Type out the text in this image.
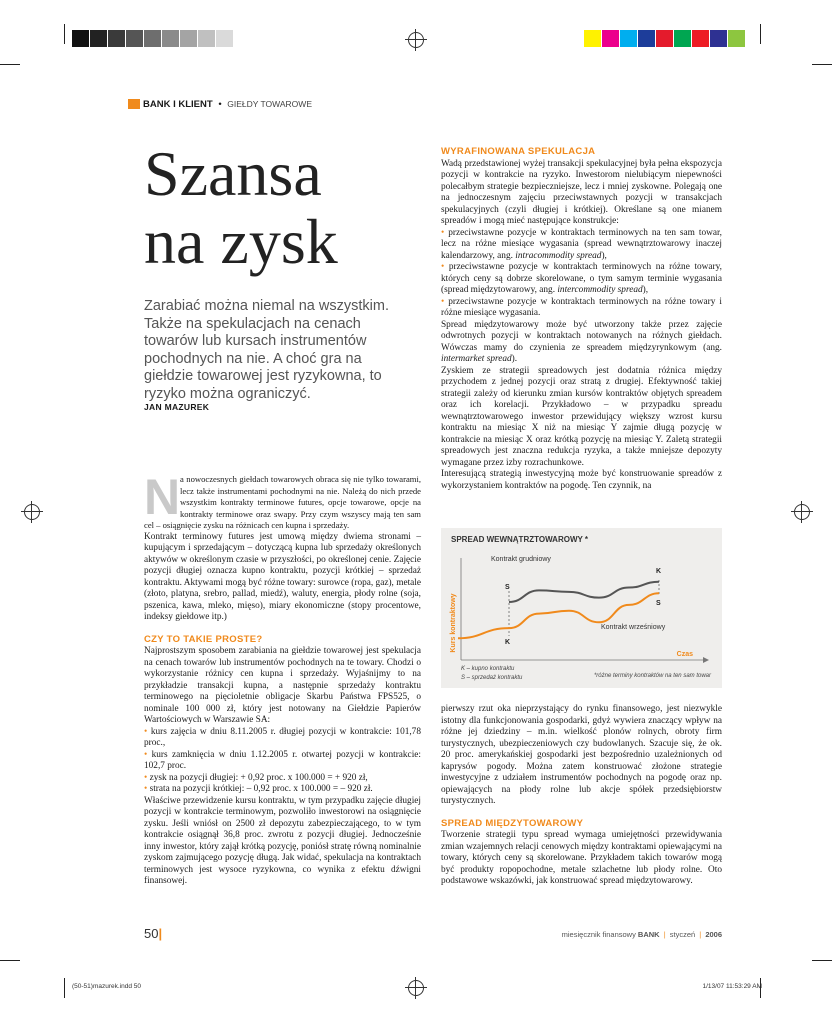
BANK I KLIENT • GIEŁDY TOWAROWE
Szansa
na zysk
Zarabiać można niemal na wszystkim. Także na spekulacjach na cenach towarów lub kursach instrumentów pochodnych na nie. A choć gra na giełdzie towarowej jest ryzykowna, to ryzyko można ograniczyć.
JAN MAZUREK
N a nowoczesnych giełdach towarowych obraca się nie tylko towarami, lecz także instrumentami pochodnymi na nie. Należą do nich przede wszystkim kontrakty terminowe futures, opcje towarowe, opcje na kontrakty terminowe oraz swapy. Przy czym wszyscy mają ten sam cel – osiągnięcie zysku na różnicach cen kupna i sprzedaży.

Kontrakt terminowy futures jest umową między dwiema stronami – kupującym i sprzedającym – dotyczącą kupna lub sprzedaży określonych aktywów w określonym czasie w przyszłości, po określonej cenie. Zajęcie pozycji długiej oznacza kupno kontraktu, pozycji krótkiej – sprzedaż kontraktu. Aktywami mogą być różne towary: surowce (ropa, gaz), metale (złoto, platyna, srebro, pallad, miedź), waluty, energia, płody rolne (soja, pszenica, kawa, mleko, mięso), miary ekonomiczne (stopy procentowe, indeksy giełdowe itp.)

CZY TO TAKIE PROSTE?

Najprostszym sposobem zarabiania na giełdzie towarowej jest spekulacja na cenach towarów lub instrumentów pochodnych na te towary. Chodzi o wykorzystanie różnicy cen kupna i sprzedaży. Wyjaśnijmy to na przykładzie transakcji kupna, a następnie sprzedaży kontraktu terminowego na pięcioletnie obligacje Skarbu Państwa FPS525, o nominale 100 000 zł, który jest notowany na Giełdzie Papierów Wartościowych w Warszawie SA:

• kurs zajęcia w dniu 8.11.2005 r. długiej pozycji w kontrakcie: 101,78 proc.,

• kurs zamknięcia w dniu 1.12.2005 r. otwartej pozycji w kontrakcie: 102,7 proc.

• zysk na pozycji długiej: + 0,92 proc. x 100.000 = + 920 zł,

• strata na pozycji krótkiej: – 0,92 proc. x 100.000 = – 920 zł.

Właściwe przewidzenie kursu kontraktu, w tym przypadku zajęcie długiej pozycji w kontrakcie terminowym, pozwoliło inwestorowi na osiągnięcie zysku. Jeśli wniósł on 2500 zł depozytu zabezpieczającego, to w tym kontrakcie osiągnął 36,8 proc. zwrotu z pozycji długiej. Jednocześnie inny inwestor, który zajął krótką pozycję, poniósł stratę równą nominalnie zyskom zajmującego pozycję długą. Jak widać, spekulacja na kontraktach terminowych jest wysoce ryzykowna, co wynika z efektu dźwigni finansowej.

WYRAFINOWANA SPEKULACJA

Wadą przedstawionej wyżej transakcji spekulacyjnej była pełna ekspozycja pozycji w kontrakcie na ryzyko. Inwestorom nielubiącym niepewności polecałbym strategie bezpieczniejsze, lecz i mniej zyskowne. Polegają one na jednoczesnym zajęciu przeciwstawnych pozycji w transakcjach spekulacyjnych (czyli długiej i krótkiej). Określane są one mianem spreadów i mogą mieć następujące konstrukcje:

• przeciwstawne pozycje w kontraktach terminowych na ten sam towar, lecz na różne miesiące wygasania (spread wewnątrztowarowy inaczej kalendarzowy, ang. intracommodity spread),

• przeciwstawne pozycje w kontraktach terminowych na różne towary, których ceny są dobrze skorelowane, o tym samym terminie wygasania (spread międzytowarowy, ang. intercommodity spread),

• przeciwstawne pozycje w kontraktach terminowych na różne towary i różne miesiące wygasania.

Spread międzytowarowy może być utworzony także przez zajęcie odwrotnych pozycji w kontraktach notowanych na różnych giełdach. Wówczas mamy do czynienia ze spreadem międzyrynkowym (ang. intermarket spread).

Zyskiem ze strategii spreadowych jest dodatnia różnica między przychodem z jednej pozycji oraz stratą z drugiej. Efektywność takiej strategii zależy od kierunku zmian kursów kontraktów objętych spreadem oraz ich korelacji. Przykładowo – w przypadku spreadu wewnątrztowarowego inwestor przewidujący większy wzrost kursu kontraktu na miesiąc X niż na miesiąc Y zajmie długą pozycję w kontrakcie na miesiąc X oraz krótką pozycję na miesiąc Y. Zaletą strategii spreadowych jest znaczna redukcja ryzyka, a także mniejsze depozyty wymagane przez izby rozrachunkowe.

Interesującą strategią inwestycyjną może być konstruowanie spreadów z wykorzystaniem kontraktów na pogodę. Ten czynnik, na

SPREAD WEWNĄTRZTOWAROWY *
Kurs kontraktowy
Czas
Kontrakt grudniowy
Kontrakt wrześniowy
S
K
K
S
K – kupno kontraktu
S – sprzedaż kontraktu	*różne terminy kontraktów na ten sam towar

pierwszy rzut oka nieprzystający do rynku finansowego, jest niezwykle istotny dla funkcjonowania gospodarki, gdyż wywiera znaczący wpływ na różne jej dziedziny – m.in. wielkość plonów rolnych, obroty firm turystycznych, ubezpieczeniowych czy budowlanych. Szacuje się, że ok. 20 proc. amerykańskiej gospodarki jest bezpośrednio uzależnionych od kaprysów pogody. Można zatem konstruować złożone strategie inwestycyjne z udziałem instrumentów pochodnych na pogodę oraz np. opiewających na płody rolne lub akcje spółek przedsiębiorstw turystycznych.

SPREAD MIĘDZYTOWAROWY

Tworzenie strategii typu spread wymaga umiejętności przewidywania zmian wzajemnych relacji cenowych między kontraktami opiewającymi na towary, których ceny są skorelowane. Przykładem takich towarów mogą być produkty ropopochodne, metale szlachetne lub płody rolne. Oto podstawowe wskazówki, jak konstruować spread międzytowarowy.

50|	miesięcznik finansowy BANK | styczeń | 2006
(50-51)mazurek.indd 50	1/13/07 11:53:29 AM
